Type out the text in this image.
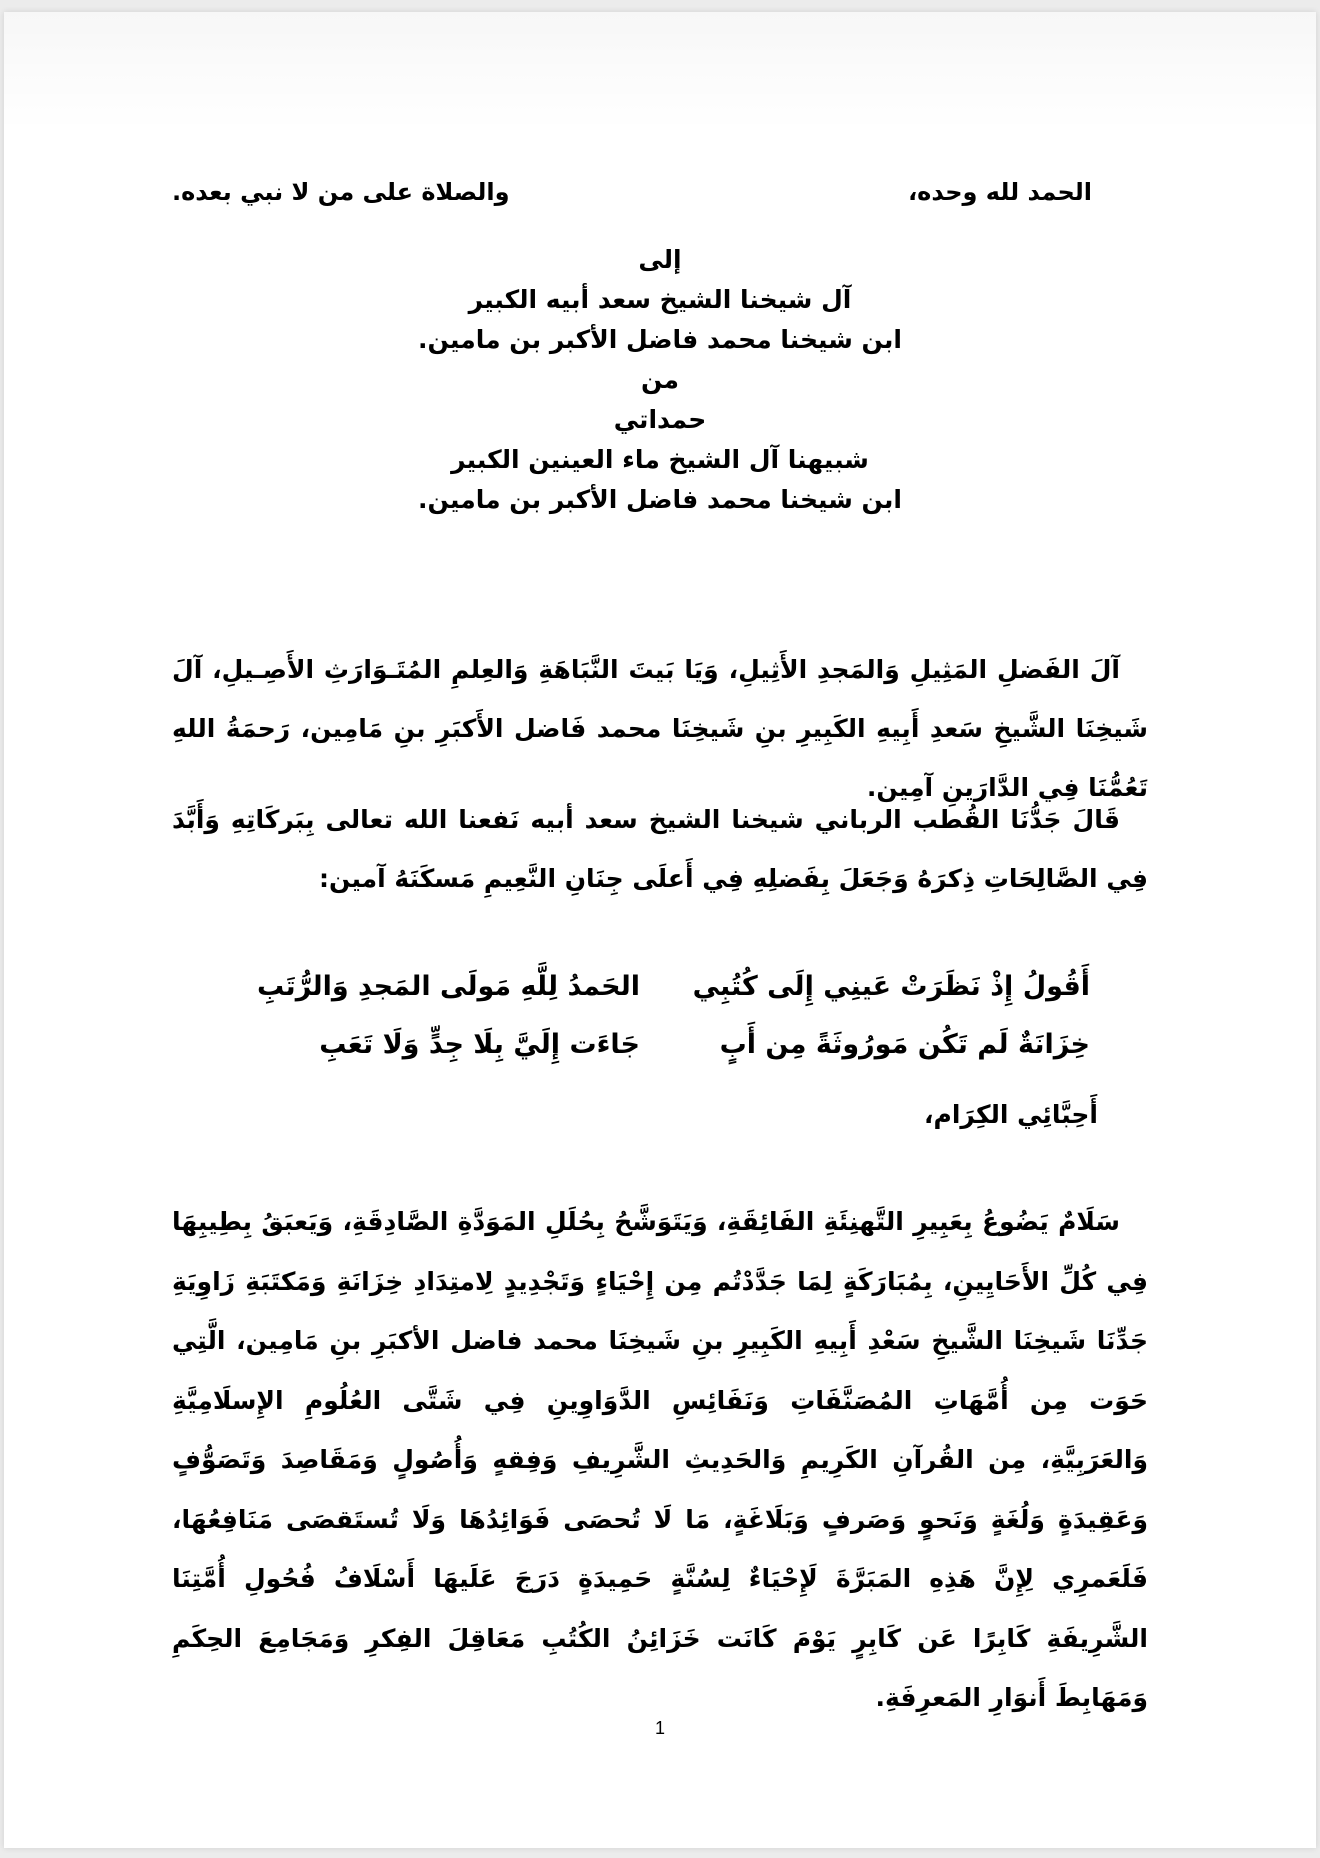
الحمد لله وحده،
والصلاة على من لا نبي بعده.
إلى
آل شيخنا الشيخ سعد أبيه الكبير
ابن شيخنا محمد فاضل الأكبر بن مامين.
من
حمداتي
شبيهنا آل الشيخ ماء العينين الكبير
ابن شيخنا محمد فاضل الأكبر بن مامين.

آلَ الفَضلِ المَثِيلِ وَالمَجدِ الأَثِيلِ، وَيَا بَيتَ النَّبَاهَةِ وَالعِلمِ المُتَـوَارَثِ الأَصِـيلِ، آلَ شَيخِنَا الشَّيخِ سَعدِ أَبِيهِ الكَبِيرِ بنِ شَيخِنَا محمد فَاضل الأَكبَرِ بنِ مَامِين، رَحمَةُ اللهِ تَعُمُّنَا فِي الدَّارَينِ آمِين.

قَالَ جَدُّنَا القُطب الرباني شيخنا الشيخ سعد أبيه نَفعنا الله تعالى بِبَركَاتِهِ وَأَبَّدَ فِي الصَّالِحَاتِ ذِكرَهُ وَجَعَلَ بِفَضلِهِ فِي أَعلَى جِنَانِ النَّعِيمِ مَسكَنَهُ آمين:

أَقُولُ إِذْ نَظَرَتْ عَينِي إِلَى كُتُبِي
الحَمدُ لِلَّهِ مَولَى المَجدِ وَالرُّتَبِ
خِزَانَةٌ لَم تَكُن مَورُوثَةً مِن أَبٍ
جَاءَت إِلَيَّ بِلَا جِدٍّ وَلَا تَعَبِ
أَحِبَّائِي الكِرَام،

سَلَامٌ يَضُوعُ بِعَبِيرِ التَّهنِئَةِ الفَائِقَةِ، وَيَتَوَشَّحُ بِحُلَلِ المَوَدَّةِ الصَّادِقَةِ، وَيَعبَقُ بِطِيبِهَا فِي كُلِّ الأَحَايِينِ، بِمُبَارَكَةٍ لِمَا جَدَّدْتُم مِن إِحْيَاءٍ وَتَجْدِيدٍ لِامتِدَادِ خِزَانَةِ وَمَكتَبَةِ زَاوِيَةِ جَدِّنَا شَيخِنَا الشَّيخِ سَعْدِ أَبِيهِ الكَبِيرِ بنِ شَيخِنَا محمد فاضل الأكبَرِ بنِ مَامِين، الَّتِي حَوَت مِن أُمَّهَاتِ المُصَنَّفَاتِ وَنَفَائِسِ الدَّوَاوِينِ فِي شَتَّى العُلُومِ الإِسلَامِيَّةِ وَالعَرَبِيَّةِ، مِن القُرآنِ الكَرِيمِ وَالحَدِيثِ الشَّرِيفِ وَفِقهٍ وَأُصُولٍ وَمَقَاصِدَ وَتَصَوُّفٍ وَعَقِيدَةٍ وَلُغَةٍ وَنَحوٍ وَصَرفٍ وَبَلَاغَةٍ، مَا لَا تُحصَى فَوَائِدُهَا وَلَا تُستَقصَى مَنَافِعُهَا، فَلَعَمرِي لِإِنَّ هَذِهِ المَبَرَّةَ لَإِحْيَاءٌ لِسُنَّةٍ حَمِيدَةٍ دَرَجَ عَلَيهَا أَسْلَافُ فُحُولِ أُمَّتِنَا الشَّرِيفَةِ كَابِرًا عَن كَابِرٍ يَوْمَ كَانَت خَزَائِنُ الكُتُبِ مَعَاقِلَ الفِكرِ وَمَجَامِعَ الحِكَمِ وَمَهَابِطَ أَنوَارِ المَعرِفَةِ.

1
